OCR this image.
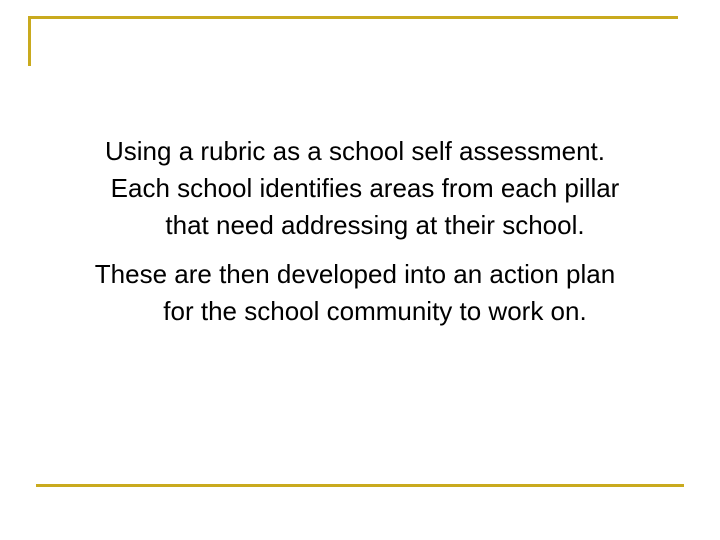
Using a rubric as a school self assessment.
Each school identifies areas from each pillar
that need addressing at their school.

These are then developed into an action plan
for the school community to work on.
